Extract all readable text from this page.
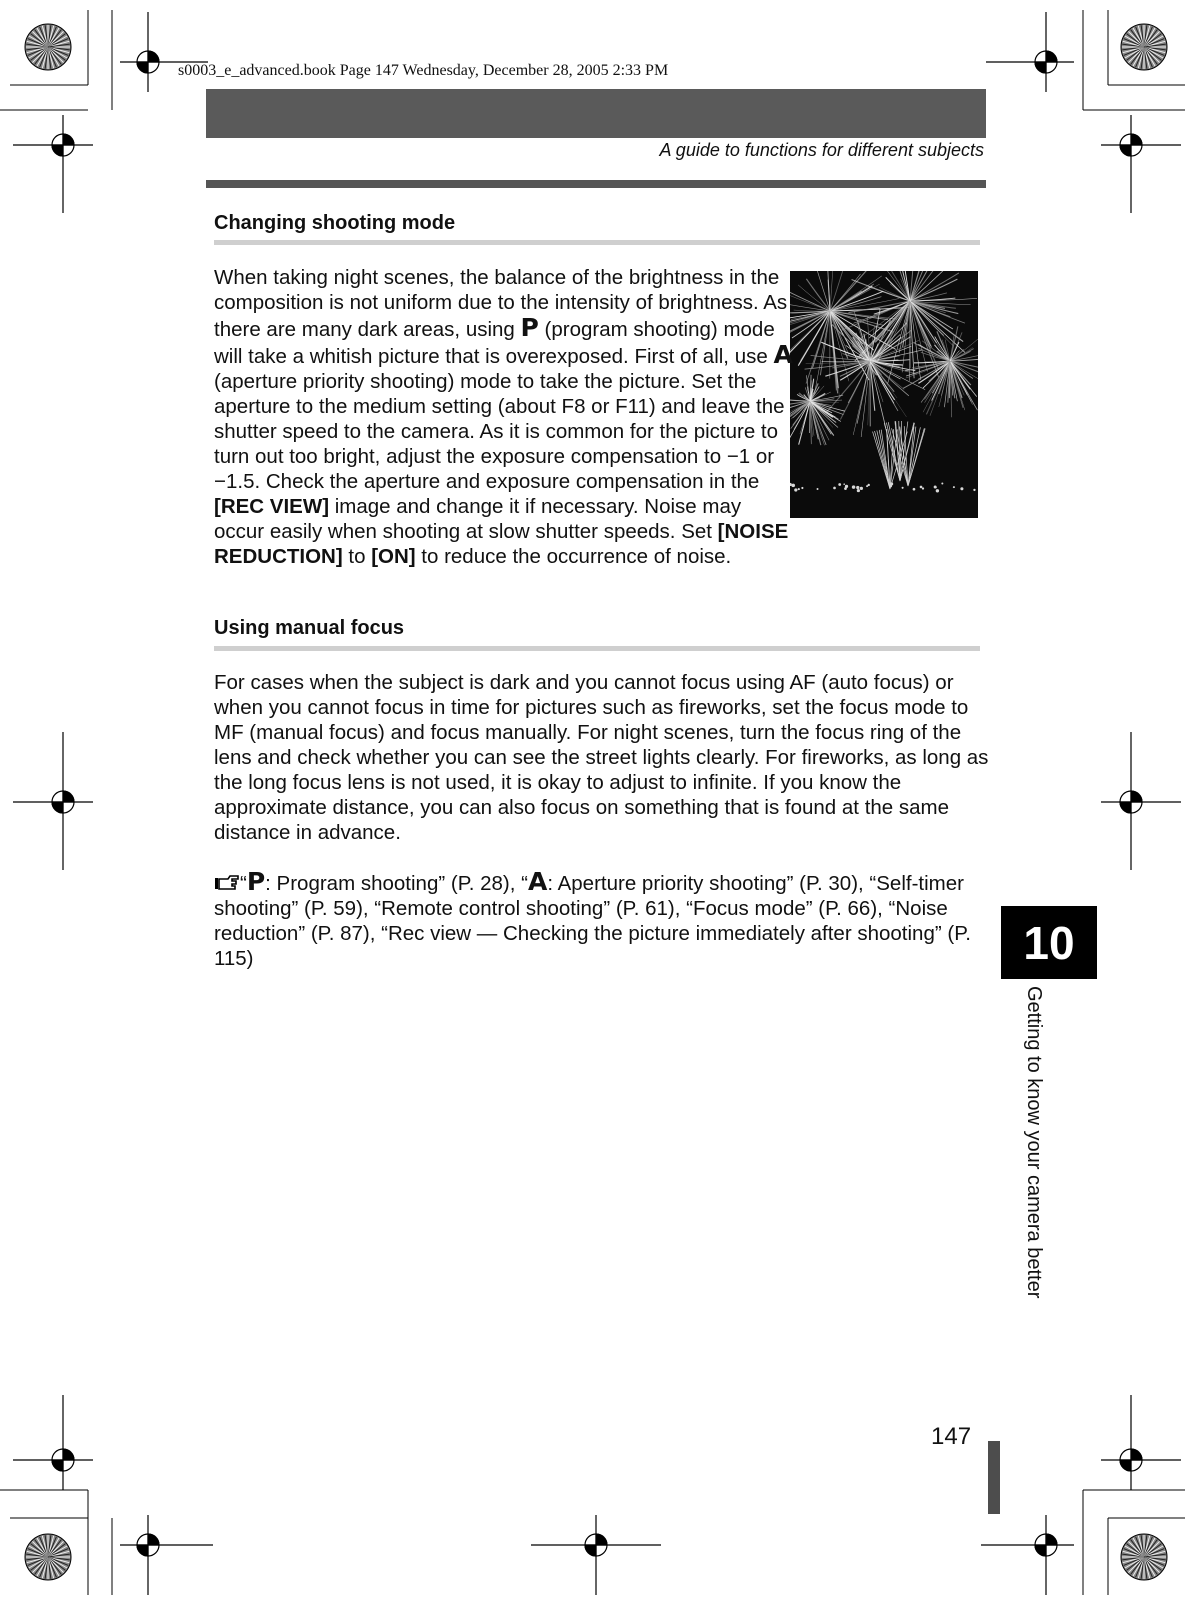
s0003_e_advanced.book Page 147 Wednesday, December 28, 2005 2:33 PM
A guide to functions for different subjects
Changing shooting mode
When taking night scenes, the balance of the brightness in the composition is not uniform due to the intensity of brightness. As there are many dark areas, using P (program shooting) mode will take a whitish picture that is overexposed. First of all, use A (aperture priority shooting) mode to take the picture. Set the aperture to the medium setting (about F8 or F11) and leave the shutter speed to the camera. As it is common for the picture to turn out too bright, adjust the exposure compensation to −1 or −1.5. Check the aperture and exposure compensation in the [REC VIEW] image and change it if necessary. Noise may occur easily when shooting at slow shutter speeds. Set [NOISE REDUCTION] to [ON] to reduce the occurrence of noise.
Using manual focus
For cases when the subject is dark and you cannot focus using AF (auto focus) or when you cannot focus in time for pictures such as fireworks, set the focus mode to MF (manual focus) and focus manually. For night scenes, turn the focus ring of the lens and check whether you can see the street lights clearly. For fireworks, as long as the long focus lens is not used, it is okay to adjust to infinite. If you know the approximate distance, you can also focus on something that is found at the same distance in advance.
“P: Program shooting” (P. 28), “A: Aperture priority shooting” (P. 30), “Self-timer shooting” (P. 59), “Remote control shooting” (P. 61), “Focus mode” (P. 66), “Noise reduction” (P. 87), “Rec view — Checking the picture immediately after shooting” (P. 115)	10
Getting to know your camera better
147
